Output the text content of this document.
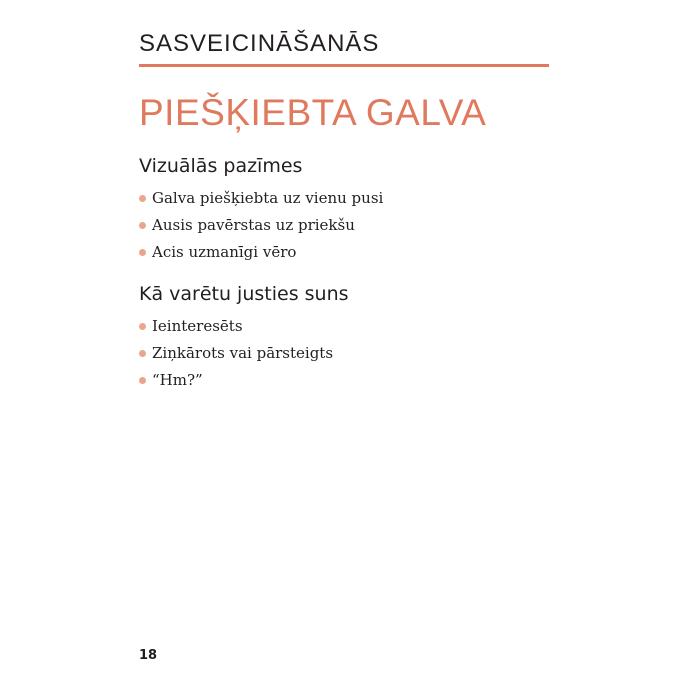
SASVEICINĀŠANĀS

PIEŠĶIEBTA GALVA
Vizuālās pazīmes
Galva piešķiebta uz vienu pusi
Ausis pavērstas uz priekšu
Acis uzmanīgi vēro
Kā varētu justies suns
Ieinteresēts
Ziņkārots vai pārsteigts
“Hm?”

18
